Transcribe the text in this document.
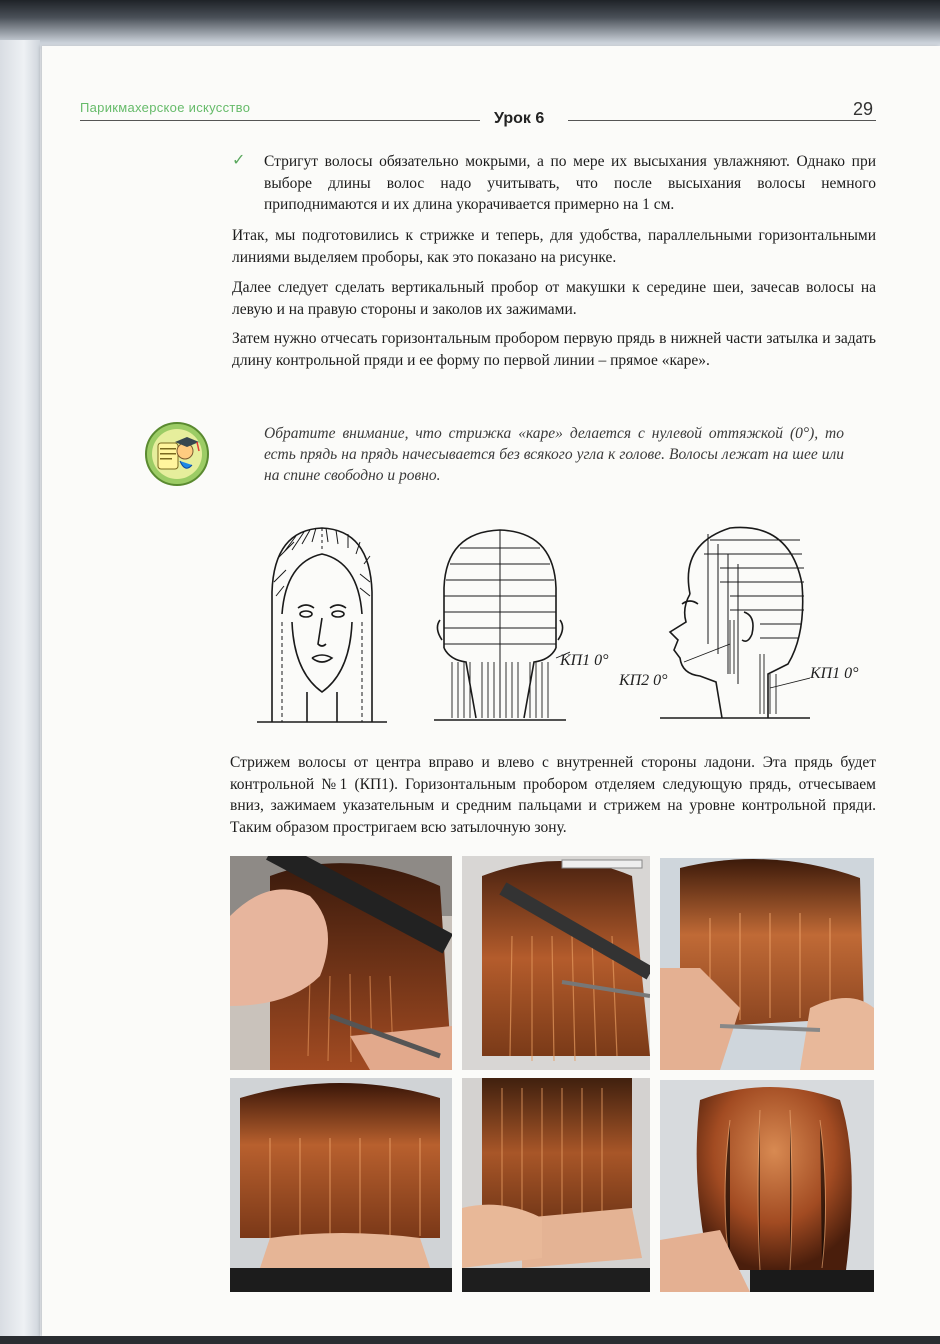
Парикмахерское искусство
Урок 6	29
✓ Стригут волосы обязательно мокрыми, а по мере их высыхания увлажняют. Однако при выборе длины волос надо учитывать, что после высыхания волосы немного приподнимаются и их длина укорачивается примерно на 1 см.
Итак, мы подготовились к стрижке и теперь, для удобства, параллельными горизонтальными линиями выделяем проборы, как это показано на рисунке.
Далее следует сделать вертикальный пробор от макушки к середине шеи, зачесав волосы на левую и на правую стороны и заколов их зажимами.
Затем нужно отчесать горизонтальным пробором первую прядь в нижней части затылка и задать длину контрольной пряди и ее форму по первой линии – прямое «каре».
Обратите внимание, что стрижка «каре» делается с нулевой оттяжкой (0°), то есть прядь на прядь начесывается без всякого угла к голове. Волосы лежат на шее или на спине свободно и ровно.
КП1 0°
КП2 0°	КП1 0°
Стрижем волосы от центра вправо и влево с внутренней стороны ладони. Эта прядь будет контрольной №1 (КП1). Горизонтальным пробором отделяем следующую прядь, отчесываем вниз, зажимаем указательным и средним пальцами и стрижем на уровне контрольной пряди. Таким образом простригаем всю затылочную зону.
